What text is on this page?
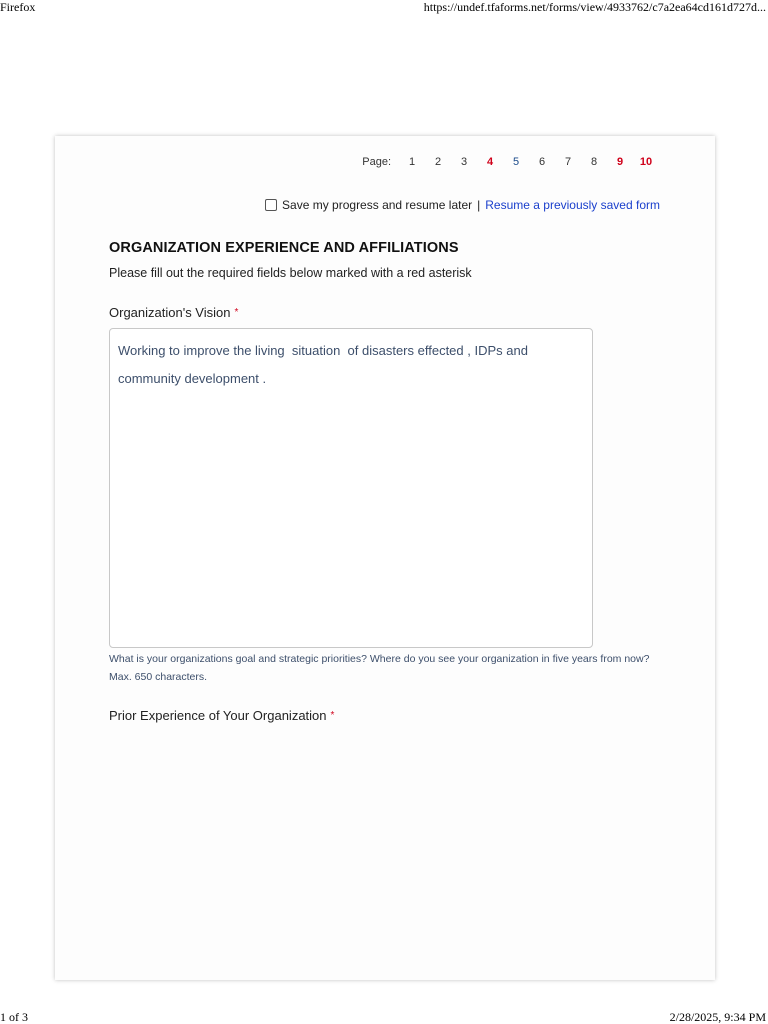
Firefox	https://undef.tfaforms.net/forms/view/4933762/c7a2ea64cd161d727d...
Page:	1	2	3	4	5	6	7	8	9	10
Save my progress and resume later | Resume a previously saved form
ORGANIZATION EXPERIENCE AND AFFILIATIONS
Please fill out the required fields below marked with a red asterisk
Organization's Vision *
Working to improve the living  situation  of disasters effected , IDPs and community development .
What is your organizations goal and strategic priorities? Where do you see your organization in five years from now? Max. 650 characters.
Prior Experience of Your Organization *
1 of 3	2/28/2025, 9:34 PM
